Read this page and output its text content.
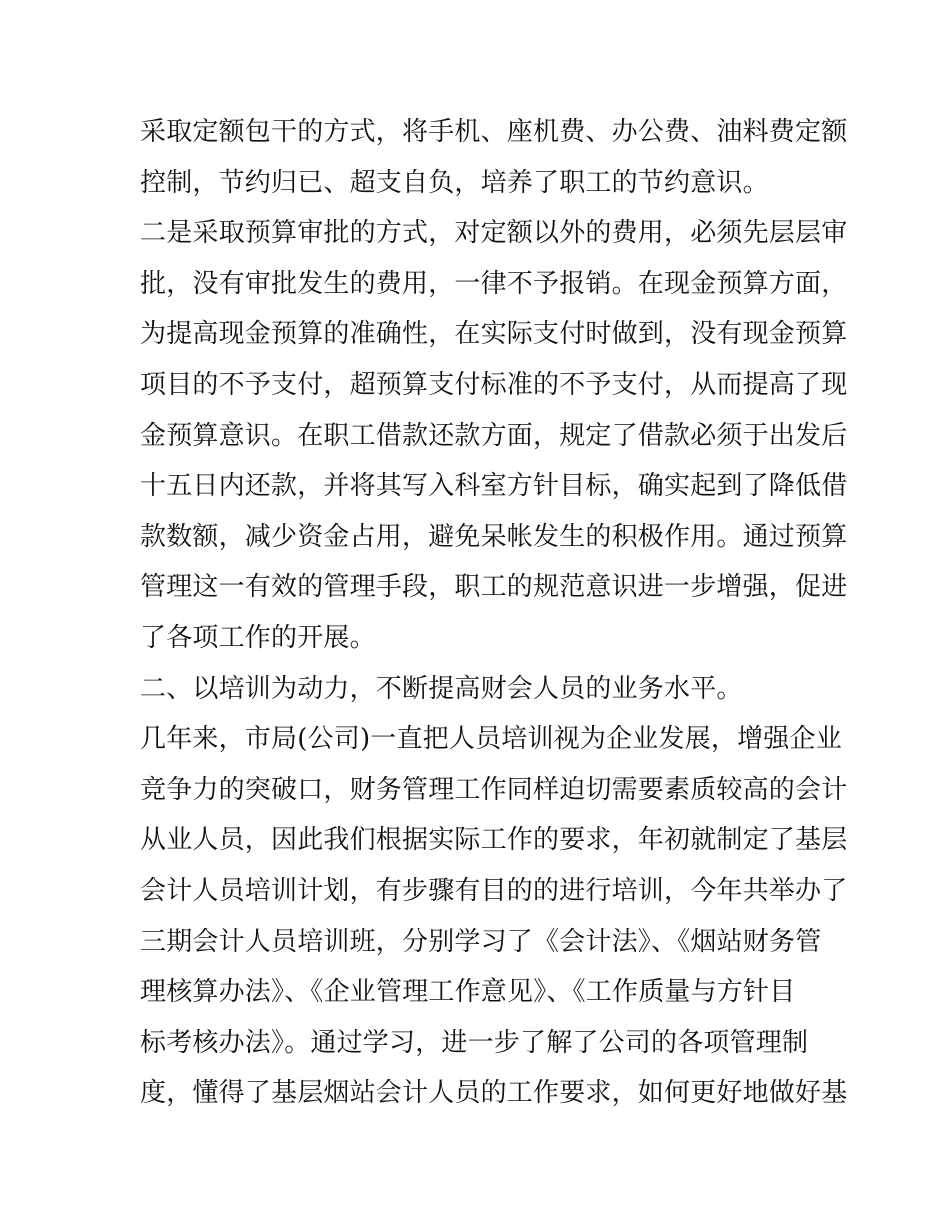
采取定额包干的方式，将手机、座机费、办公费、油料费定额
控制，节约归已、超支自负，培养了职工的节约意识。
二是采取预算审批的方式，对定额以外的费用，必须先层层审
批，没有审批发生的费用，一律不予报销。在现金预算方面，
为提高现金预算的准确性，在实际支付时做到，没有现金预算
项目的不予支付，超预算支付标准的不予支付，从而提高了现
金预算意识。在职工借款还款方面，规定了借款必须于出发后
十五日内还款，并将其写入科室方针目标，确实起到了降低借
款数额，减少资金占用，避免呆帐发生的积极作用。通过预算
管理这一有效的管理手段，职工的规范意识进一步增强，促进
了各项工作的开展。
二、以培训为动力，不断提高财会人员的业务水平。
几年来，市局(公司)一直把人员培训视为企业发展，增强企业
竞争力的突破口，财务管理工作同样迫切需要素质较高的会计
从业人员，因此我们根据实际工作的要求，年初就制定了基层
会计人员培训计划，有步骤有目的的进行培训，今年共举办了
三期会计人员培训班，分别学习了《会计法》、《烟站财务管
理核算办法》、《企业管理工作意见》、《工作质量与方针目
标考核办法》。通过学习，进一步了解了公司的各项管理制
度，懂得了基层烟站会计人员的工作要求，如何更好地做好基
